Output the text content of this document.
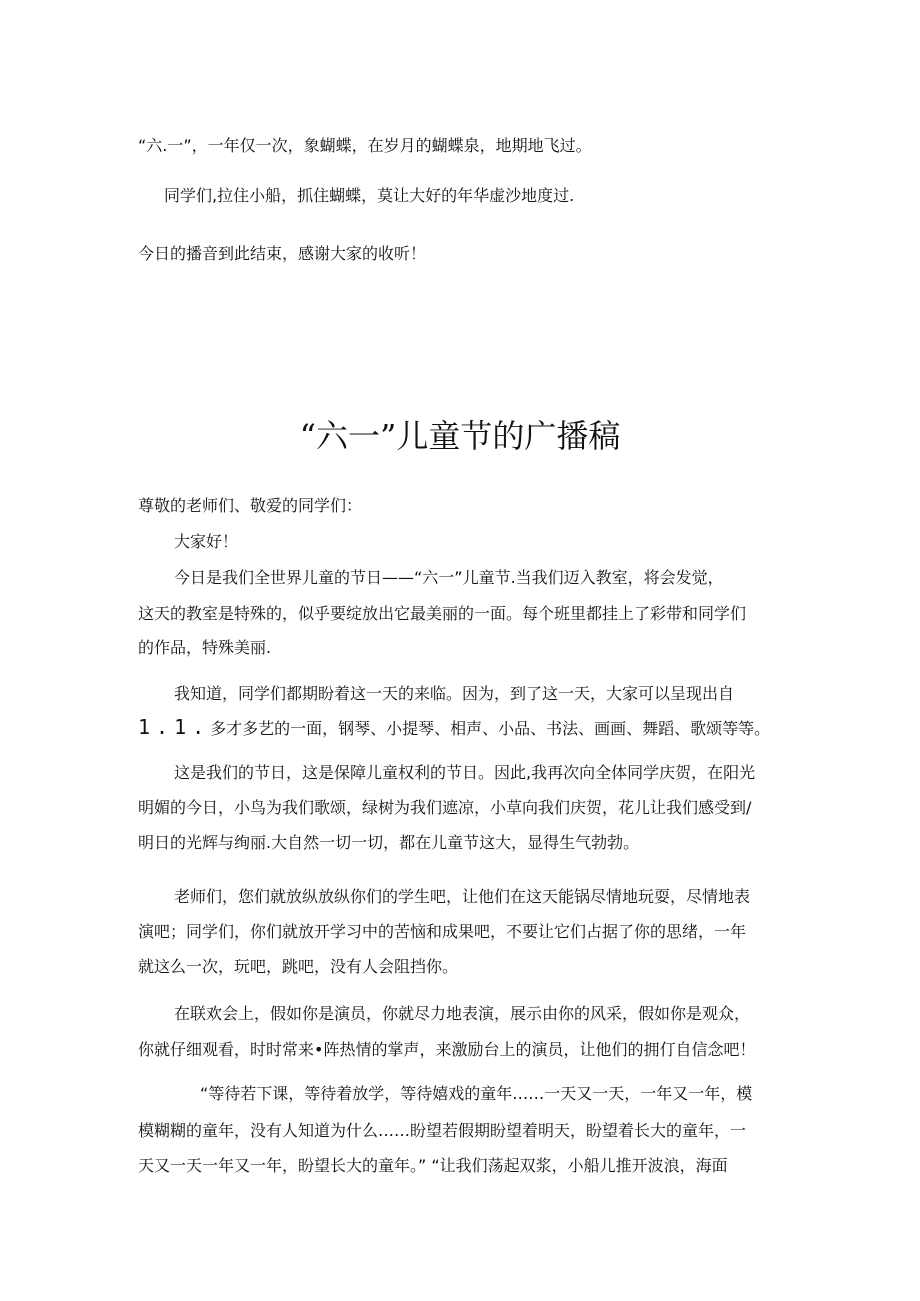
“六.一”，一年仅一次，象蝴蝶，在岁月的蝴蝶泉，地期地飞过。
同学们,拉住小船，抓住蝴蝶，莫让大好的年华虚沙地度过.
今日的播音到此结束，感谢大家的收听！
“六一”儿童节的广播稿
尊敬的老师们、敬爱的同学们：
大家好！
今日是我们全世界儿童的节日——“六一”儿童节.当我们迈入教室，将会发觉，
这天的教室是特殊的，似乎要绽放出它最美丽的一面。每个班里都挂上了彩带和同学们
的作品，特殊美丽.
我知道，同学们都期盼着这一天的来临。因为，到了这一天，大家可以呈现出自
1.1.多才多艺的一面，钢琴、小提琴、相声、小品、书法、画画、舞蹈、歌颂等等。
这是我们的节日，这是保障儿童权利的节日。因此,我再次向全体同学庆贺，在阳光
明媚的今日，小鸟为我们歌颂，绿树为我们遮凉，小草向我们庆贺，花儿让我们感受到/
明日的光辉与绚丽.大自然一切一切，都在儿童节这大，显得生气勃勃。
老师们，您们就放纵放纵你们的学生吧，让他们在这天能锅尽情地玩耍，尽情地表
演吧；同学们，你们就放开学习中的苦恼和成果吧，不要让它们占据了你的思绪，一年
就这么一次，玩吧，跳吧，没有人会阻挡你。
在联欢会上，假如你是演员，你就尽力地表演，展示由你的风采，假如你是观众，
你就仔细观看，时时常来•阵热情的掌声，来激励台上的演员，让他们的拥仃自信念吧！
“等待若下课，等待着放学，等待嬉戏的童年……一天又一天，一年又一年，模
模糊糊的童年，没有人知道为什么……盼望若假期盼望着明天，盼望着长大的童年，一
天又一天一年又一年，盼望长大的童年。” “让我们荡起双浆，小船儿推开波浪，海面
